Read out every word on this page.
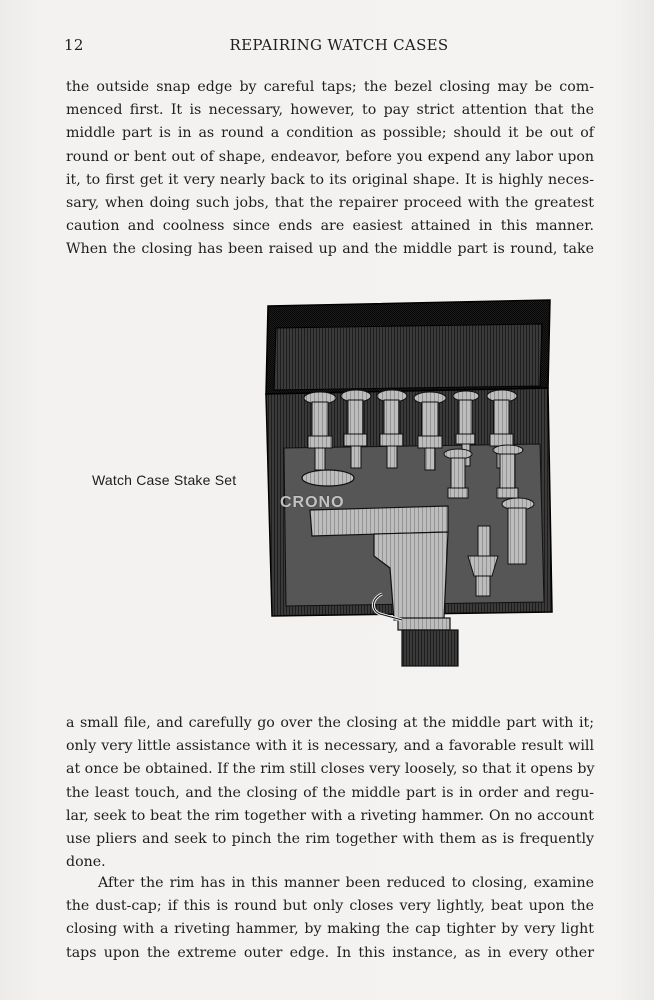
12	REPAIRING WATCH CASES
the outside snap edge by careful taps; the bezel closing may be com-
menced first. It is necessary, however, to pay strict attention that the
middle part is in as round a condition as possible; should it be out of
round or bent out of shape, endeavor, before you expend any labor upon
it, to first get it very nearly back to its original shape. It is highly neces-
sary, when doing such jobs, that the repairer proceed with the greatest
caution and coolness since ends are easiest attained in this manner.
When the closing has been raised up and the middle part is round, take
Watch Case Stake Set
CRONO
a small file, and carefully go over the closing at the middle part with it;
only very little assistance with it is necessary, and a favorable result will
at once be obtained. If the rim still closes very loosely, so that it opens by
the least touch, and the closing of the middle part is in order and regu-
lar, seek to beat the rim together with a riveting hammer. On no account
use pliers and seek to pinch the rim together with them as is frequently
done.
After the rim has in this manner been reduced to closing, examine
the dust-cap; if this is round but only closes very lightly, beat upon the
closing with a riveting hammer, by making the cap tighter by very light
taps upon the extreme outer edge. In this instance, as in every other
